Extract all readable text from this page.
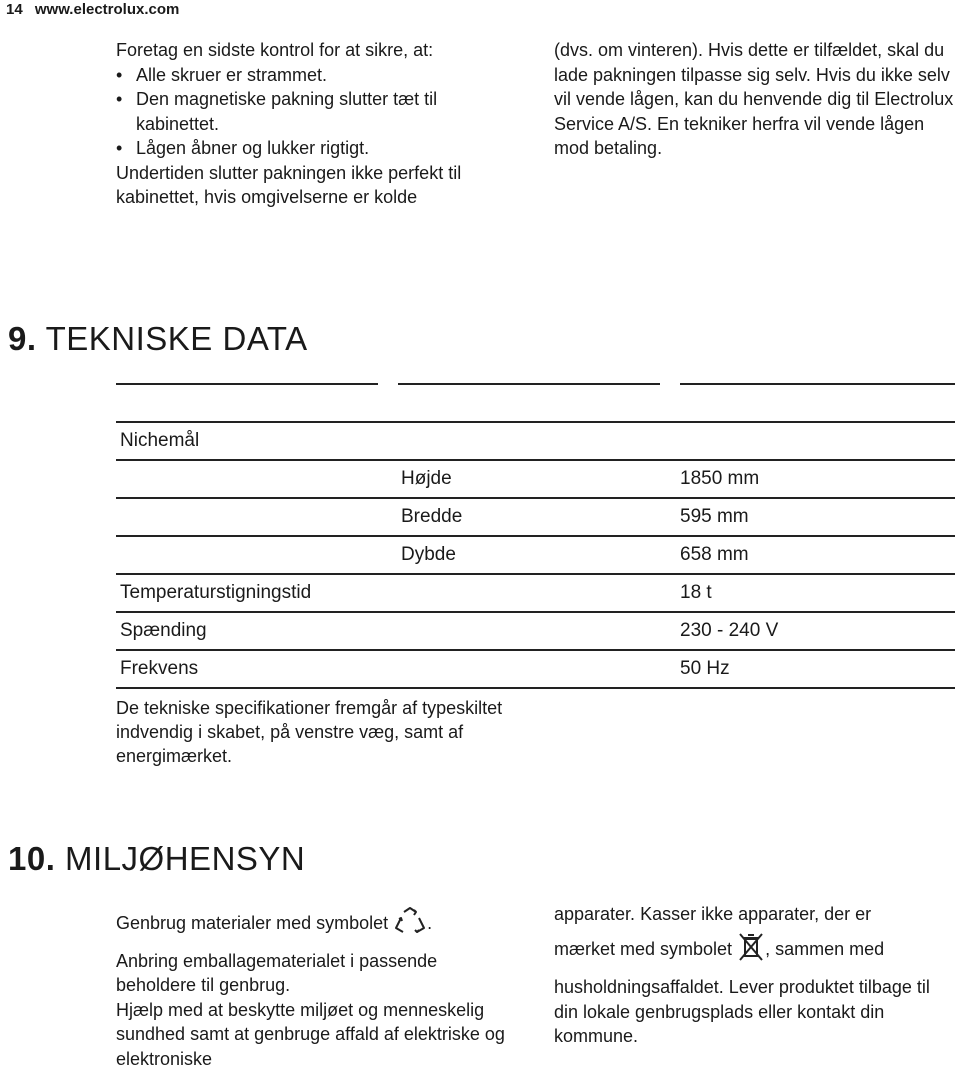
14 www.electrolux.com
Foretag en sidste kontrol for at sikre, at:
• Alle skruer er strammet.
• Den magnetiske pakning slutter tæt til kabinettet.
• Lågen åbner og lukker rigtigt.
Undertiden slutter pakningen ikke perfekt til kabinettet, hvis omgivelserne er kolde
(dvs. om vinteren). Hvis dette er tilfældet, skal du lade pakningen tilpasse sig selv. Hvis du ikke selv vil vende lågen, kan du henvende dig til Electrolux Service A/S. En tekniker herfra vil vende lågen mod betaling.
9. TEKNISKE DATA
Nichemål
Højde	1850 mm
Bredde	595 mm
Dybde	658 mm
Temperaturstigningstid	18 t
Spænding	230 - 240 V
Frekvens	50 Hz
De tekniske specifikationer fremgår af typeskiltet indvendig i skabet, på venstre væg, samt af energimærket.
10. MILJØHENSYN

Genbrug materialer med symbolet .

Anbring emballagematerialet i passende beholdere til genbrug.

Hjælp med at beskytte miljøet og menneskelig sundhed samt at genbruge affald af elektriske og elektroniske

apparater. Kasser ikke apparater, der er

mærket med symbolet , sammen med

husholdningsaffaldet. Lever produktet tilbage til din lokale genbrugsplads eller kontakt din kommune.
